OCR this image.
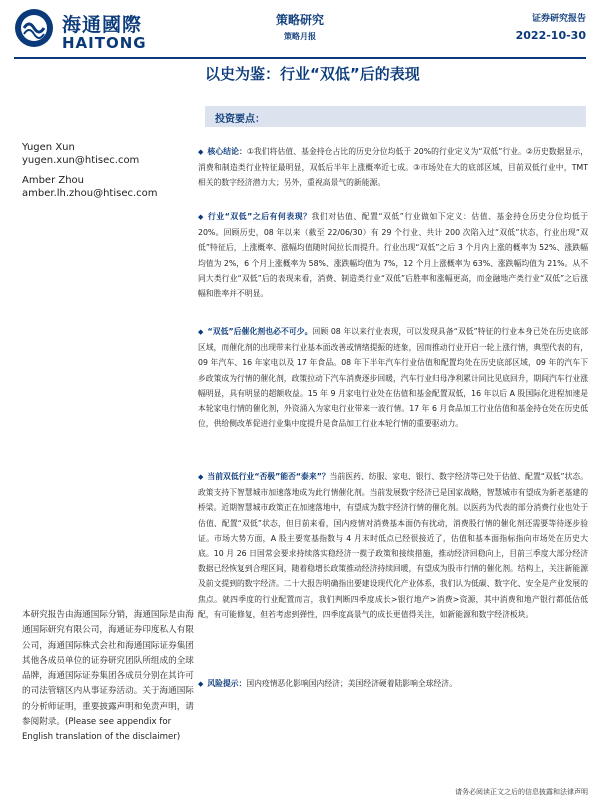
海通國際
HAITONG
策略研究
策略月报
证券研究报告
2022-10-30
以史为鉴：行业“双低”后的表现
投资要点：
Yugen Xun
yugen.xun@htisec.com
Amber Zhou
amber.lh.zhou@htisec.com

◆ 核心结论：①我们将估值、基金持仓占比的历史分位均低于 20%的行业定义为“双低”行业。②历史数据显示，消费和制造类行业特征最明显，双低后半年上涨概率近七成。③市场处在大的底部区域，目前双低行业中，TMT 相关的数字经济潜力大；另外，重视高景气的新能源。

◆ 行业“双低”之后有何表现？我们对估值、配置“双低”行业做如下定义：估值、基金持仓历史分位均低于 20%。回顾历史，08 年以来（截至 22/06/30）有 29 个行业、共计 200 次陷入过“双低”状态，行业出现“双低”特征后，上涨概率、涨幅均值随时间拉长而提升。行业出现“双低”之后 3 个月内上涨的概率为 52%、涨跌幅均值为 2%，6 个月上涨概率为 58%、涨跌幅均值为 7%，12 个月上涨概率为 63%、涨跌幅均值为 21%。从不同大类行业“双低”后的表现来看，消费、制造类行业“双低”后胜率和涨幅更高，而金融地产类行业“双低”之后涨幅和胜率并不明显。

◆ “双低”后催化剂也必不可少。回顾 08 年以来行业表现，可以发现具备“双低”特征的行业本身已处在历史底部区域，而催化剂的出现带来行业基本面改善或情绪提振的迹象，因而推动行业开启一轮上涨行情，典型代表的有，09 年汽车、16 年家电以及 17 年食品。08 年下半年汽车行业估值和配置均处在历史底部区域，09 年的汽车下乡政策成为行情的催化剂，政策拉动下汽车消费逐步回暖，汽车行业归母净利累计同比见底回升，期间汽车行业涨幅明显，具有明显的超额收益。15 年 9 月家电行业处在估值和基金配置双低，16 年以后 A 股国际化进程加速是本轮家电行情的催化剂，外资涌入为家电行业带来一波行情。17 年 6 月食品加工行业估值和基金持仓处在历史低位，供给侧改革促进行业集中度提升是食品加工行业本轮行情的重要驱动力。

◆ 当前双低行业“否极”能否“泰来”？当前医药、纺服、家电、银行、数字经济等已处于估值、配置“双低”状态。政策支持下智慧城市加速落地成为此行情催化剂。当前发展数字经济已是国家战略，智慧城市有望成为新老基建的桥梁。近期智慧城市政策正在加速落地中，有望成为数字经济行情的催化剂。以医药为代表的部分消费行业也处于估值、配置“双低”状态，但目前来看，国内疫情对消费基本面仍有扰动，消费股行情的催化剂还需要等待逐步验证。市场大势方面，A 股主要宽基指数与 4 月末时低点已经很接近了，估值和基本面指标指向市场处在历史大底。10 月 26 日国常会要求持续落实稳经济一揽子政策和接续措施，推动经济回稳向上，目前三季度大部分经济数据已经恢复到合理区间，随着稳增长政策推动经济持续回暖，有望成为股市行情的催化剂。结构上，关注新能源及前文提到的数字经济。二十大报告明确指出要建设现代化产业体系，我们认为低碳、数字化、安全是产业发展的焦点。就四季度的行业配置而言，我们判断四季度成长>银行地产>消费>资源，其中消费和地产银行都低估低配，有可能修复，但若考虑到弹性，四季度高景气的成长更值得关注，如新能源和数字经济板块。

◆ 风险提示：国内疫情恶化影响国内经济；美国经济硬着陆影响全球经济。

本研究报告由海通国际分销，海通国际是由海通国际研究有限公司，海通证券印度私人有限公司，海通国际株式会社和海通国际证券集团其他各成员单位的证券研究团队所组成的全球品牌，海通国际证券集团各成员分别在其许可的司法管辖区内从事证券活动。关于海通国际的分析师证明，重要披露声明和免责声明，请参阅附录。(Please see appendix for English translation of the disclaimer)
请务必阅读正文之后的信息披露和法律声明
